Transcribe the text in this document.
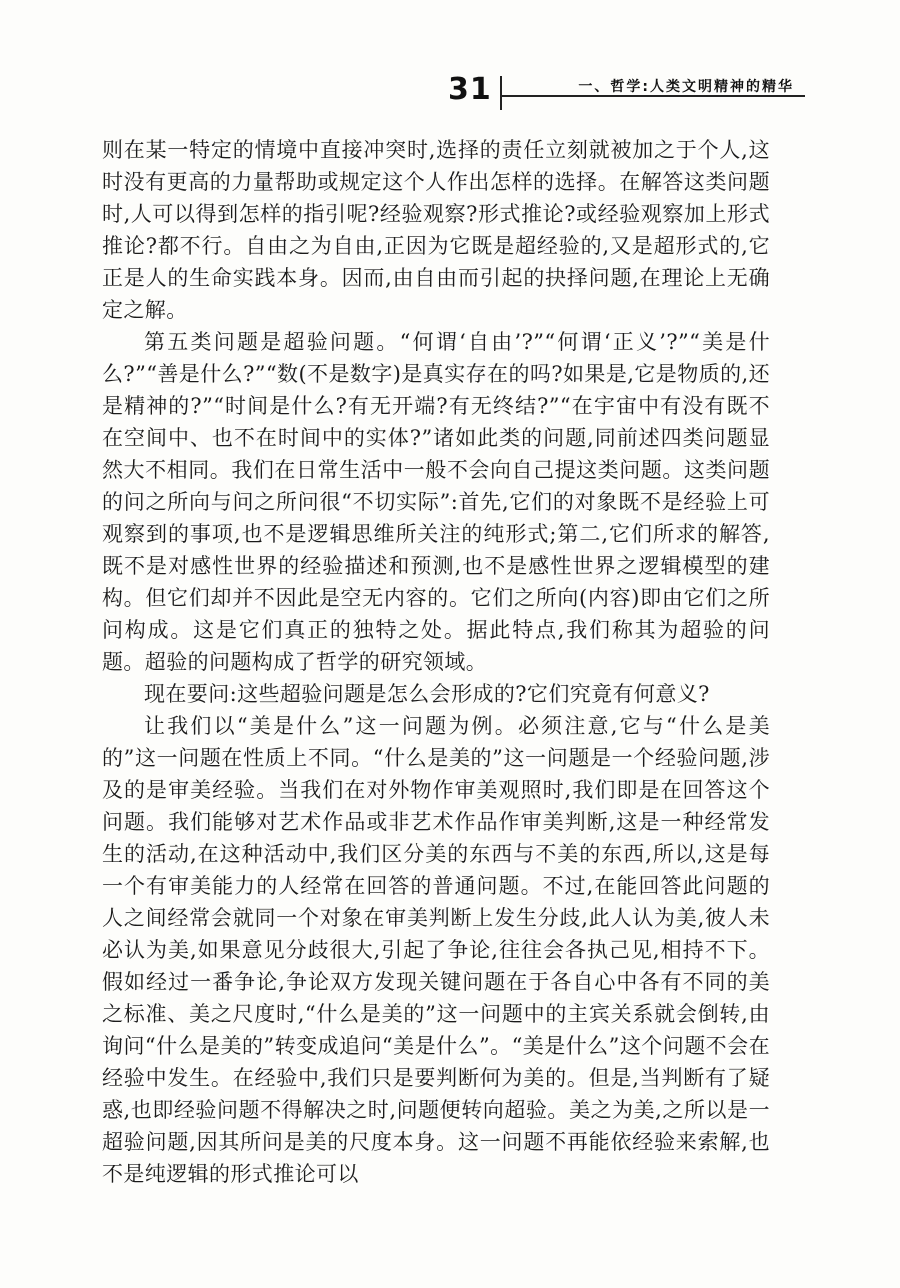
31	一、哲学:人类文明精神的精华

则在某一特定的情境中直接冲突时,选择的责任立刻就被加之于个人,这时没有更高的力量帮助或规定这个人作出怎样的选择。在解答这类问题时,人可以得到怎样的指引呢?经验观察?形式推论?或经验观察加上形式推论?都不行。自由之为自由,正因为它既是超经验的,又是超形式的,它正是人的生命实践本身。因而,由自由而引起的抉择问题,在理论上无确定之解。

第五类问题是超验问题。“何谓‘自由’?”“何谓‘正义’?”“美是什么?”“善是什么?”“数(不是数字)是真实存在的吗?如果是,它是物质的,还是精神的?”“时间是什么?有无开端?有无终结?”“在宇宙中有没有既不在空间中、也不在时间中的实体?”诸如此类的问题,同前述四类问题显然大不相同。我们在日常生活中一般不会向自己提这类问题。这类问题的问之所向与问之所问很“不切实际”:首先,它们的对象既不是经验上可观察到的事项,也不是逻辑思维所关注的纯形式;第二,它们所求的解答,既不是对感性世界的经验描述和预测,也不是感性世界之逻辑模型的建构。但它们却并不因此是空无内容的。它们之所向(内容)即由它们之所问构成。这是它们真正的独特之处。据此特点,我们称其为超验的问题。超验的问题构成了哲学的研究领域。

现在要问:这些超验问题是怎么会形成的?它们究竟有何意义?

让我们以“美是什么”这一问题为例。必须注意,它与“什么是美的”这一问题在性质上不同。“什么是美的”这一问题是一个经验问题,涉及的是审美经验。当我们在对外物作审美观照时,我们即是在回答这个问题。我们能够对艺术作品或非艺术作品作审美判断,这是一种经常发生的活动,在这种活动中,我们区分美的东西与不美的东西,所以,这是每一个有审美能力的人经常在回答的普通问题。不过,在能回答此问题的人之间经常会就同一个对象在审美判断上发生分歧,此人认为美,彼人未必认为美,如果意见分歧很大,引起了争论,往往会各执己见,相持不下。假如经过一番争论,争论双方发现关键问题在于各自心中各有不同的美之标准、美之尺度时,“什么是美的”这一问题中的主宾关系就会倒转,由询问“什么是美的”转变成追问“美是什么”。“美是什么”这个问题不会在经验中发生。在经验中,我们只是要判断何为美的。但是,当判断有了疑惑,也即经验问题不得解决之时,问题便转向超验。美之为美,之所以是一超验问题,因其所问是美的尺度本身。这一问题不再能依经验来索解,也不是纯逻辑的形式推论可以
